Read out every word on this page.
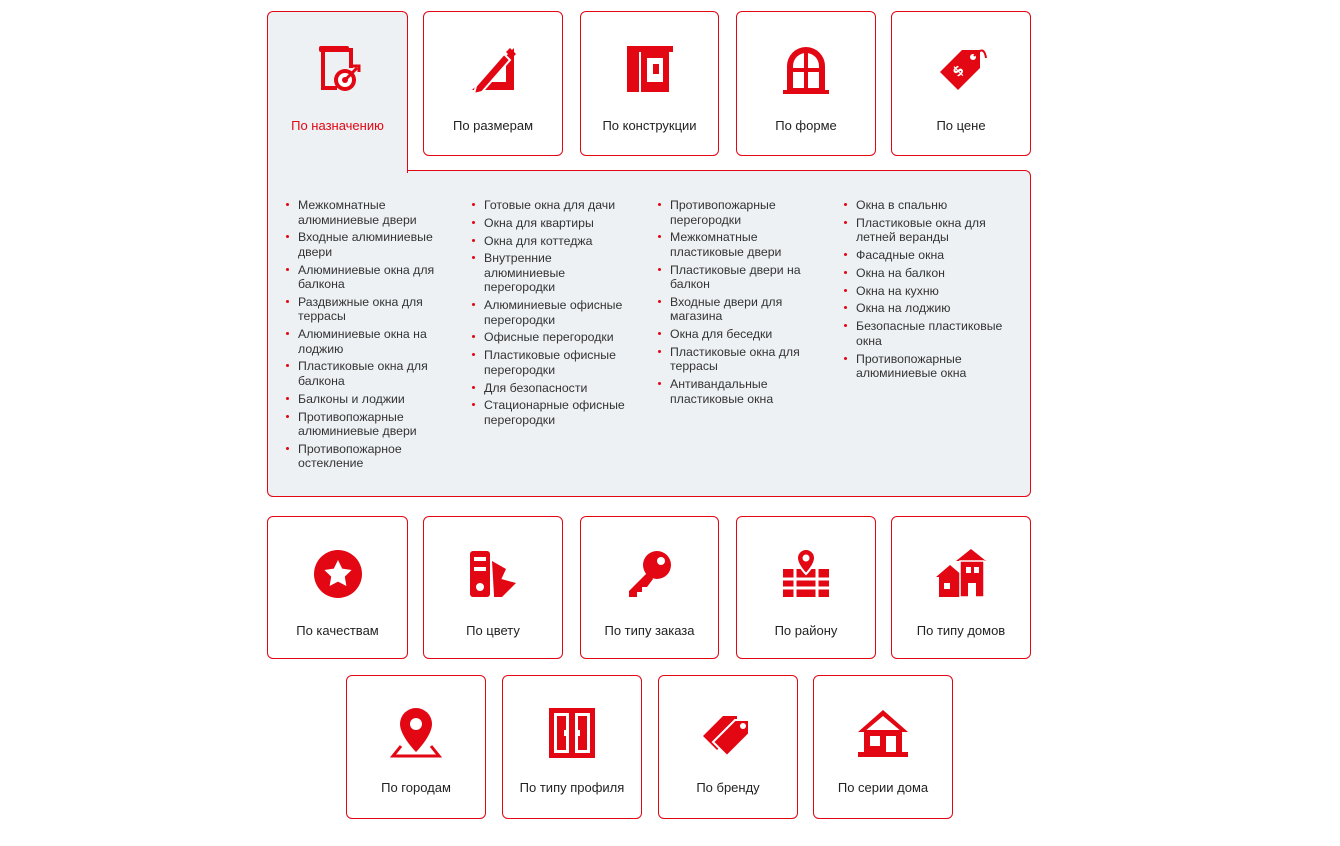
По назначению	По размерам	По конструкции	По форме
$
По цене
Межкомнатные алюминиевые двери
Входные алюминиевые двери
Алюминиевые окна для балкона
Раздвижные окна для террасы
Алюминиевые окна на лоджию
Пластиковые окна для балкона
Балконы и лоджии
Противопожарные алюминиевые двери
Противопожарное остекление
Готовые окна для дачи
Окна для квартиры
Окна для коттеджа
Внутренние алюминиевые перегородки
Алюминиевые офисные перегородки
Офисные перегородки
Пластиковые офисные перегородки
Для безопасности
Стационарные офисные перегородки
Противопожарные перегородки
Межкомнатные пластиковые двери
Пластиковые двери на балкон
Входные двери для магазина
Окна для беседки
Пластиковые окна для террасы
Антивандальные пластиковые окна
Окна в спальню
Пластиковые окна для летней веранды
Фасадные окна
Окна на балкон
Окна на кухню
Окна на лоджию
Безопасные пластиковые окна
Противопожарные алюминиевые окна
По качествам	По цвету	По типу заказа	По району	По типу домов
По городам	По типу профиля	По бренду	По серии дома
